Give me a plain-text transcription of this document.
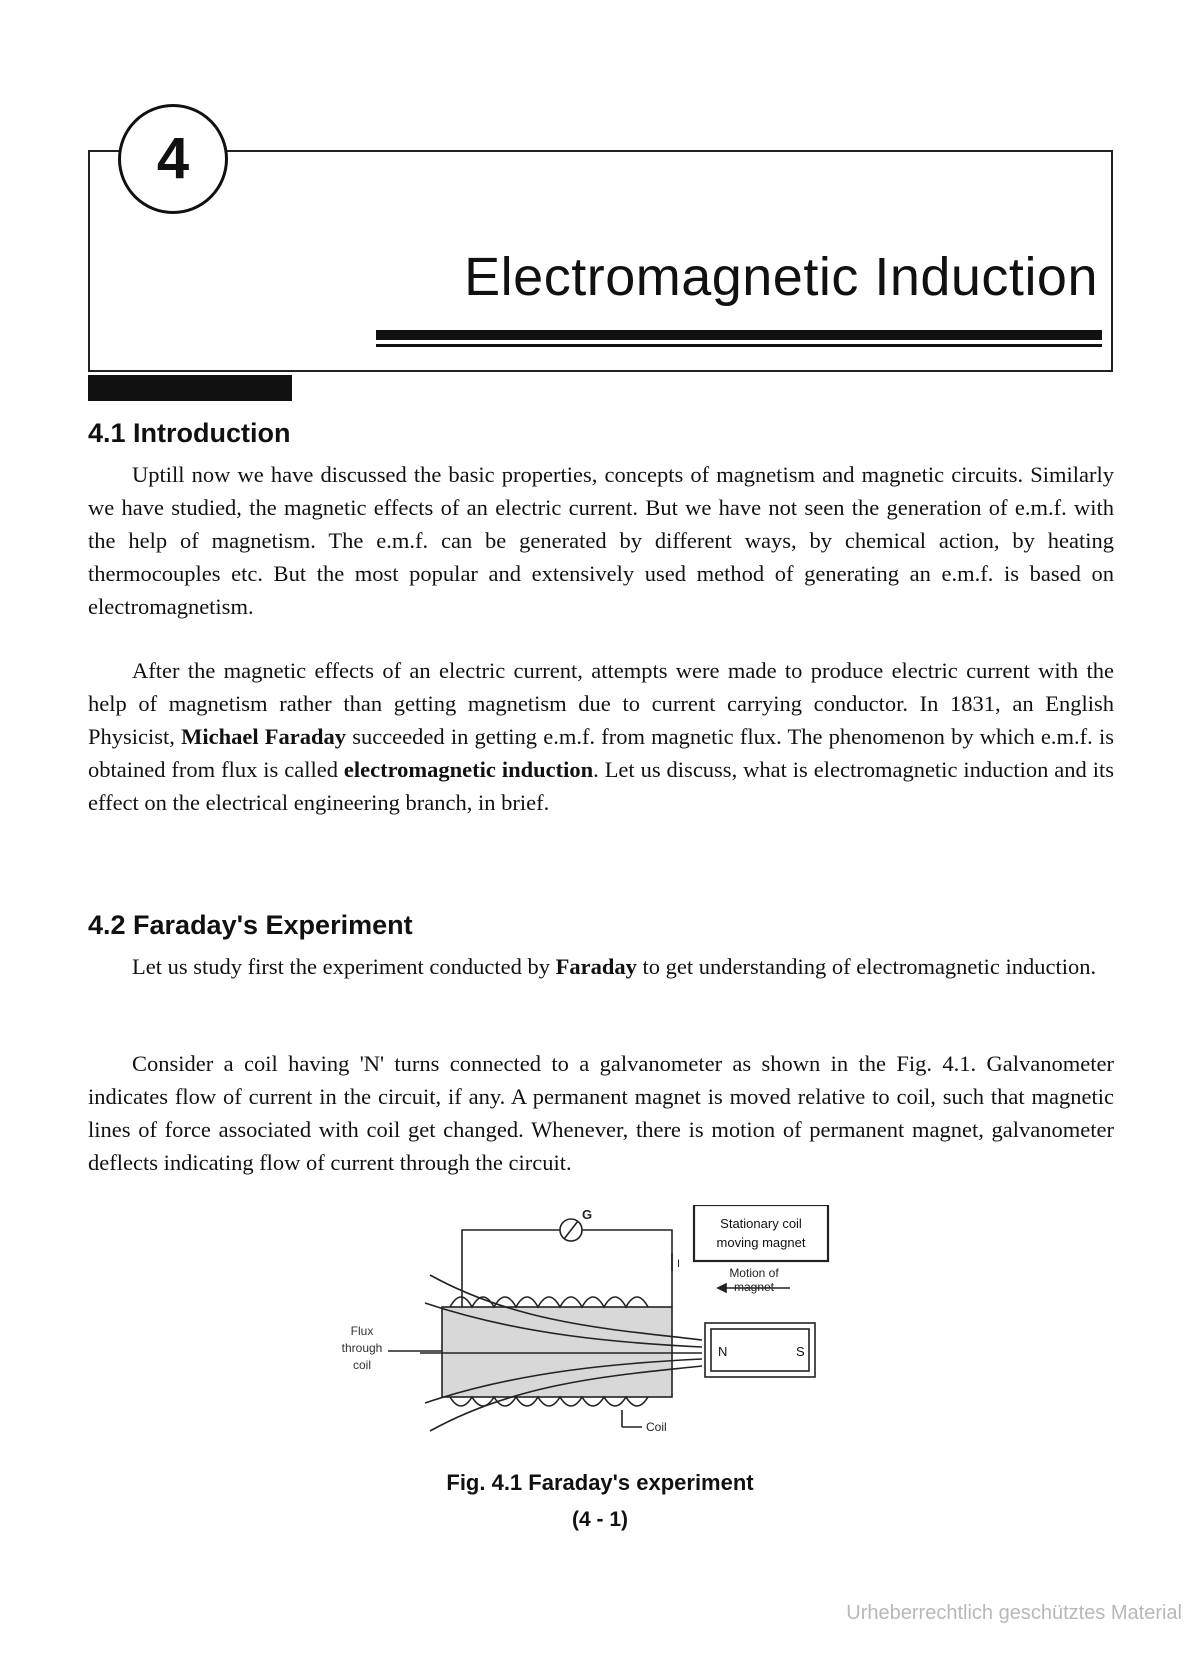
4
Electromagnetic Induction
4.1 Introduction

Uptill now we have discussed the basic properties, concepts of magnetism and magnetic circuits. Similarly we have studied, the magnetic effects of an electric current. But we have not seen the generation of e.m.f. with the help of magnetism. The e.m.f. can be generated by different ways, by chemical action, by heating thermocouples etc. But the most popular and extensively used method of generating an e.m.f. is based on electromagnetism.

After the magnetic effects of an electric current, attempts were made to produce electric current with the help of magnetism rather than getting magnetism due to current carrying conductor. In 1831, an English Physicist, Michael Faraday succeeded in getting e.m.f. from magnetic flux. The phenomenon by which e.m.f. is obtained from flux is called electromagnetic induction. Let us discuss, what is electromagnetic induction and its effect on the electrical engineering branch, in brief.

4.2 Faraday's Experiment

Let us study first the experiment conducted by Faraday to get understanding of electromagnetic induction.

Consider a coil having 'N' turns connected to a galvanometer as shown in the Fig. 4.1. Galvanometer indicates flow of current in the circuit, if any. A permanent magnet is moved relative to coil, such that magnetic lines of force associated with coil get changed. Whenever, there is motion of permanent magnet, galvanometer deflects indicating flow of current through the circuit.

G
I
Stationary coil
moving magnet
Motion of
magnet
Flux
through
coil
N	S
Coil
Fig. 4.1 Faraday's experiment
(4 - 1)
Urheberrechtlich geschütztes Material
